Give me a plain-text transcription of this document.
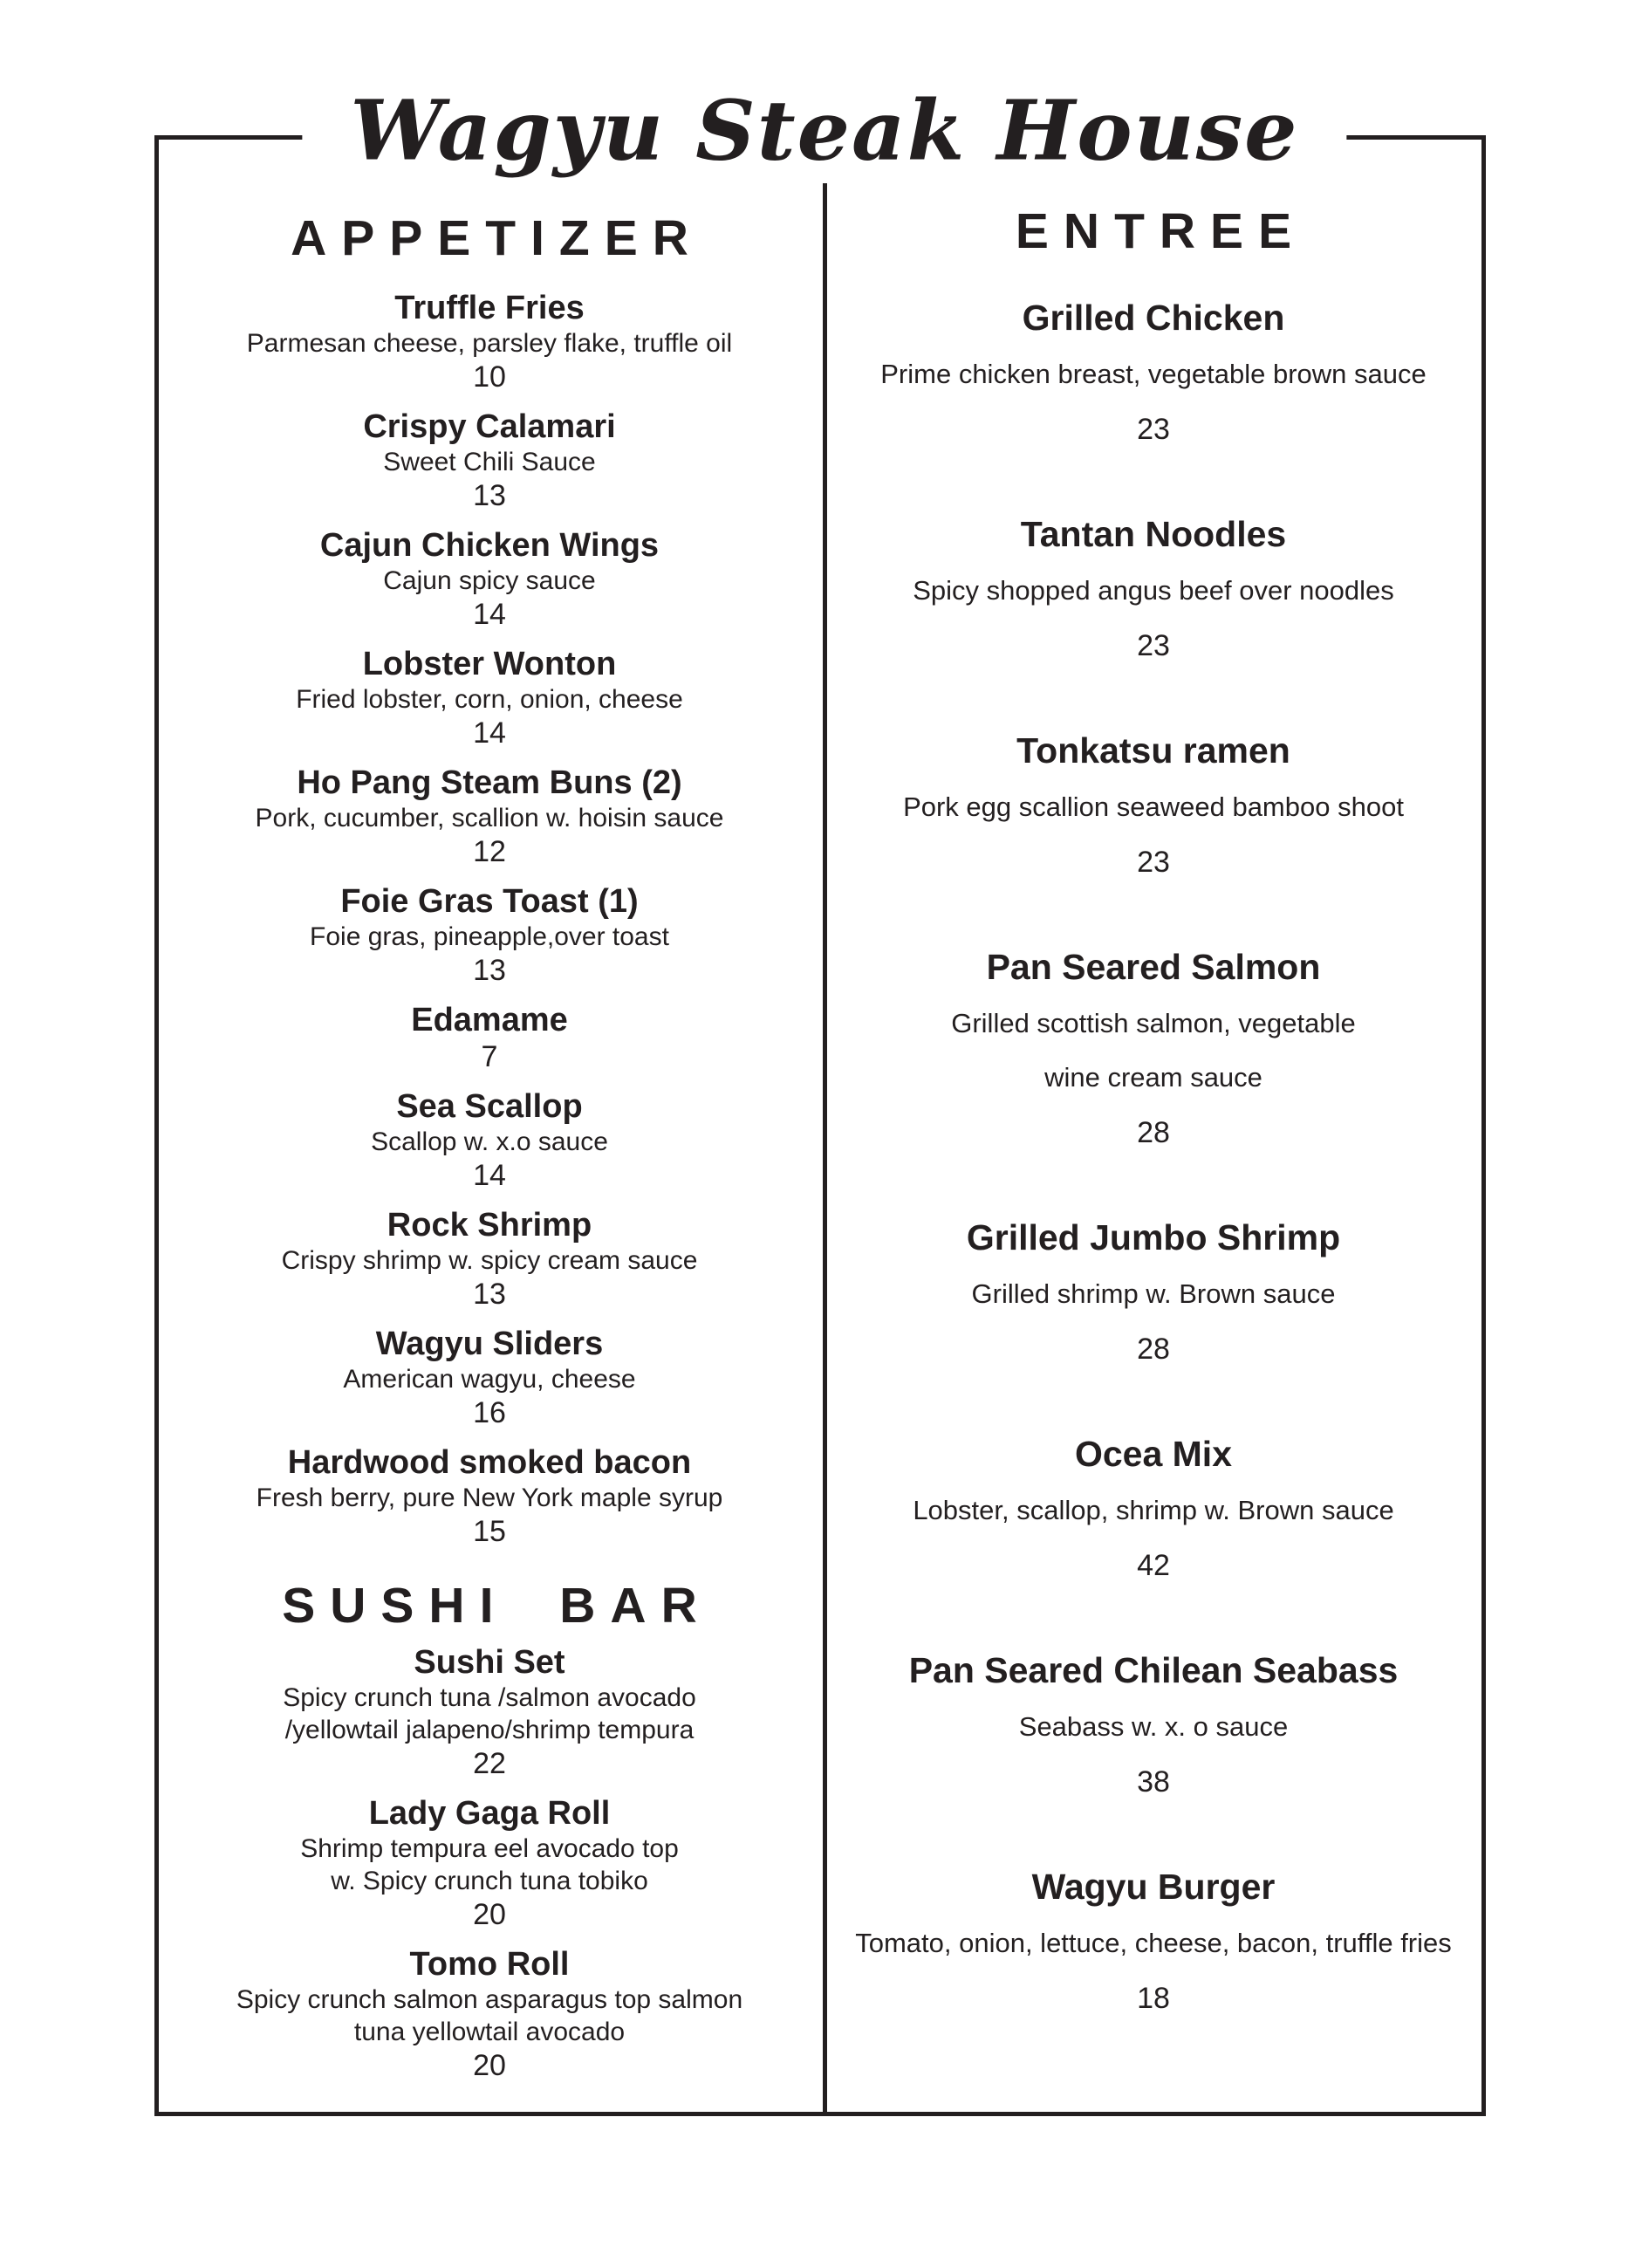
Wagyu Steak House
APPETIZER
Truffle Fries
Parmesan cheese, parsley flake, truffle oil
10
Crispy Calamari
Sweet Chili Sauce
13
Cajun Chicken Wings
Cajun spicy sauce
14
Lobster Wonton
Fried lobster, corn, onion, cheese
14
Ho Pang Steam Buns (2)
Pork, cucumber, scallion w. hoisin sauce
12
Foie Gras Toast (1)
Foie gras, pineapple,over toast
13
Edamame
7
Sea Scallop
Scallop w. x.o sauce
14
Rock Shrimp
Crispy shrimp w. spicy cream sauce
13
Wagyu Sliders
American wagyu, cheese
16
Hardwood smoked bacon
Fresh berry, pure New York maple syrup
15
SUSHI BAR
Sushi Set
Spicy crunch tuna /salmon avocado
/yellowtail jalapeno/shrimp tempura
22
Lady Gaga Roll
Shrimp tempura eel avocado top
w. Spicy crunch tuna tobiko
20
Tomo Roll
Spicy crunch salmon asparagus top salmon
tuna yellowtail avocado
20
ENTREE
Grilled Chicken
Prime chicken breast, vegetable brown sauce
23
Tantan Noodles
Spicy shopped angus beef over noodles
23
Tonkatsu ramen
Pork egg scallion seaweed bamboo shoot
23
Pan Seared Salmon
Grilled scottish salmon, vegetable
wine cream sauce
28
Grilled Jumbo Shrimp
Grilled shrimp w. Brown sauce
28
Ocea Mix
Lobster, scallop, shrimp w. Brown sauce
42
Pan Seared Chilean Seabass
Seabass w. x. o sauce
38
Wagyu Burger
Tomato, onion, lettuce, cheese, bacon, truffle fries
18
